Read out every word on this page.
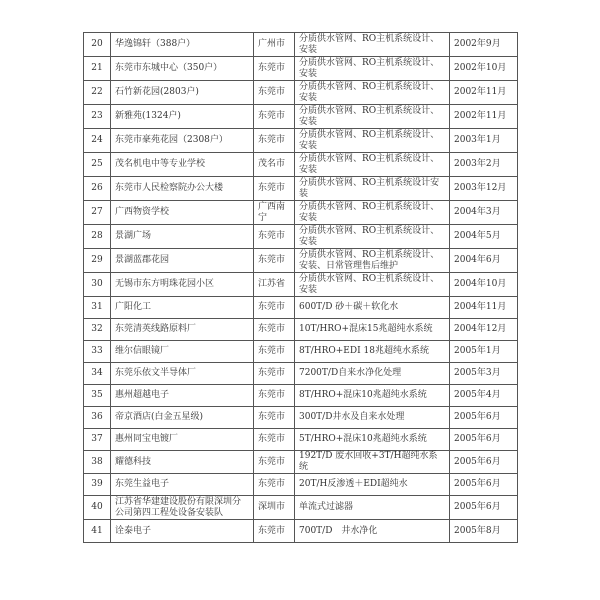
20	华逸锦轩（388户）	广州市	分质供水管网、RO主机系统设计、安装	2002年9月
21	东莞市东城中心（350户）	东莞市	分质供水管网、RO主机系统设计、安装	2002年10月
22	石竹新花园(2803户)	东莞市	分质供水管网、RO主机系统设计、安装	2002年11月
23	新雅苑(1324户)	东莞市	分质供水管网、RO主机系统设计、安装	2002年11月
24	东莞市豪苑花园（2308户）	东莞市	分质供水管网、RO主机系统设计、安装	2003年1月
25	茂名机电中等专业学校	茂名市	分质供水管网、RO主机系统设计、安装	2003年2月
26	东莞市人民检察院办公大楼	东莞市	分质供水管网、RO主机系统设计安装	2003年12月
27	广西物资学校	广西南宁	分质供水管网、RO主机系统设计、安装	2004年3月
28	景湖广场	东莞市	分质供水管网、RO主机系统设计、安装	2004年5月
29	景湖蓝郡花园	东莞市	分质供水管网、RO主机系统设计、安装、日常管理售后维护	2004年6月
30	无锡市东方明珠花园小区	江苏省	分质供水管网、RO主机系统设计、安装	2004年10月
31	广阳化工	东莞市	600T/D 砂＋碳＋软化水	2004年11月
32	东莞清英线路原料厂	东莞市	10T/HRO+混床15兆超纯水系统	2004年12月
33	维尔信眼镜厂	东莞市	8T/HRO+EDI 18兆超纯水系统	2005年1月
34	东莞乐依文半导体厂	东莞市	7200T/D自来水净化处理	2005年3月
35	惠州超越电子	东莞市	8T/HRO+混床10兆超纯水系统	2005年4月
36	帝京酒店(白金五星级)	东莞市	300T/D井水及自来水处理	2005年6月
37	惠州同宝电镀厂	东莞市	5T/HRO+混床10兆超纯水系统	2005年6月
38	耀德科技	东莞市	192T/D 废水回收+3T/H超纯水系统	2005年6月
39	东莞生益电子	东莞市	20T/H反渗透＋EDI超纯水	2005年6月
40	江苏省华建建设股份有限深圳分公司第四工程处设备安装队	深圳市	单流式过滤器	2005年6月
41	诠泰电子	东莞市	700T/D　井水净化	2005年8月
